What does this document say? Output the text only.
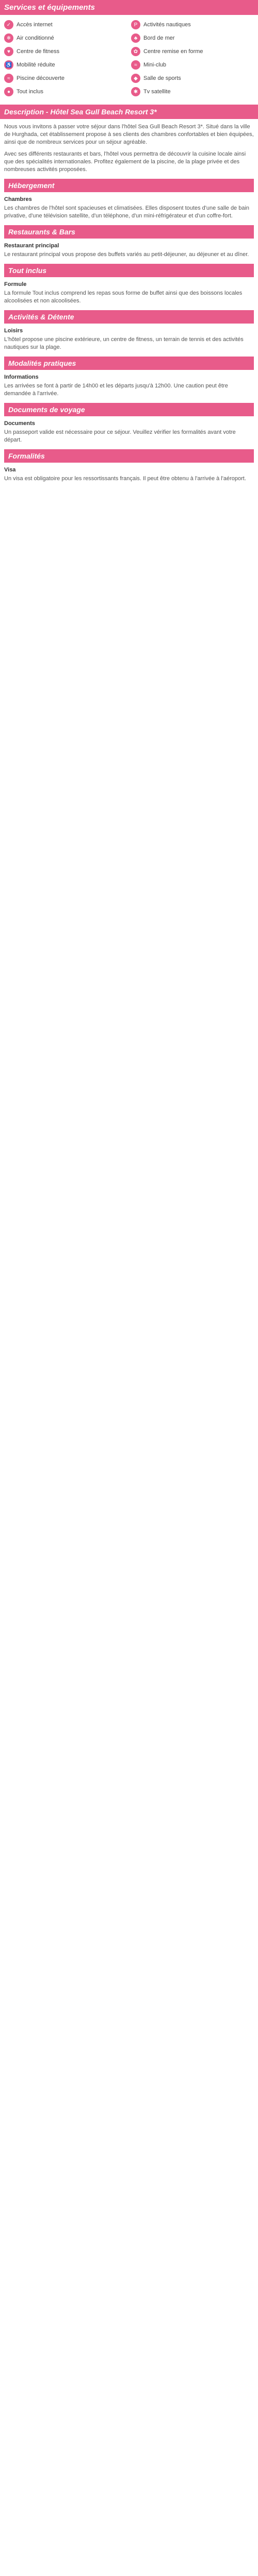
Services et équipements
✓ Accès internet	P	Activités nautiques
❄ Air conditionné	♣	Bord de mer
♥	Centre de fitness	✿ Centre remise en forme
♿ Mobilité réduite	≈	Mini-club
≈	Piscine découverte	◆	Salle de sports
●	Tout inclus	✱ Tv satellite
Description - Hôtel Sea Gull Beach Resort 3*

Nous vous invitons à passer votre séjour dans l'hôtel Sea Gull Beach Resort 3*. Situé dans la ville de Hurghada, cet établissement propose à ses clients des chambres confortables et bien équipées, ainsi que de nombreux services pour un séjour agréable.

Avec ses différents restaurants et bars, l'hôtel vous permettra de découvrir la cuisine locale ainsi que des spécialités internationales. Profitez également de la piscine, de la plage privée et des nombreuses activités proposées.

Hébergement
Chambres

Les chambres de l'hôtel sont spacieuses et climatisées. Elles disposent toutes d'une salle de bain privative, d'une télévision satellite, d'un téléphone, d'un mini-réfrigérateur et d'un coffre-fort.

Restaurants & Bars
Restaurant principal

Le restaurant principal vous propose des buffets variés au petit-déjeuner, au déjeuner et au dîner.

Tout inclus
Formule

La formule Tout inclus comprend les repas sous forme de buffet ainsi que des boissons locales alcoolisées et non alcoolisées.

Activités & Détente
Loisirs

L'hôtel propose une piscine extérieure, un centre de fitness, un terrain de tennis et des activités nautiques sur la plage.

Modalités pratiques
Informations

Les arrivées se font à partir de 14h00 et les départs jusqu'à 12h00. Une caution peut être demandée à l'arrivée.

Documents de voyage
Documents

Un passeport valide est nécessaire pour ce séjour. Veuillez vérifier les formalités avant votre départ.

Formalités
Visa

Un visa est obligatoire pour les ressortissants français. Il peut être obtenu à l'arrivée à l'aéroport.
